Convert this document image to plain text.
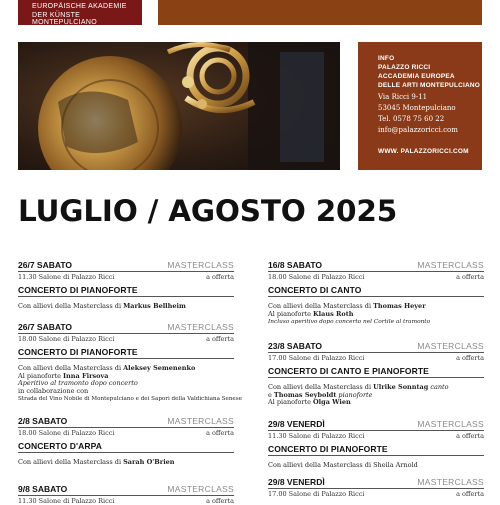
EUROPÄISCHE AKADEMIE
DER KÜNSTE MONTEPULCIANO
INFO
PALAZZO RICCI
ACCADEMIA EUROPEA
DELLE ARTI MONTEPULCIANO
Via Ricci 9-11
53045 Montepulciano
Tel. 0578 75 60 22
info@palazzoricci.com
WWW. PALAZZORICCI.COM
LUGLIO / AGOSTO 2025
26/7 SABATO	MASTERCLASS
11.30 Salone di Palazzo Ricci	a offerta
CONCERTO DI PIANOFORTE
Con allievi della Masterclass di Markus Bellheim
26/7 SABATO	MASTERCLASS
18.00 Salone di Palazzo Ricci	a offerta
CONCERTO DI PIANOFORTE
Con allievi della Masterclass di Aleksey Semenenko
Al pianoforte Inna Firsova
Aperitivo al tramonto dopo concerto
in collaborazione con
Strada del Vino Nobile di Montepulciano e dei Sapori della Valdichiana Senese
2/8 SABATO	MASTERCLASS
18.00 Salone di Palazzo Ricci	a offerta
CONCERTO D'ARPA
Con allievi della Masterclass di Sarah O'Brien
9/8 SABATO	MASTERCLASS
11.30 Salone di Palazzo Ricci	a offerta
16/8 SABATO	MASTERCLASS
18.00 Salone di Palazzo Ricci	a offerta
CONCERTO DI CANTO
Con allievi della Masterclass di Thomas Heyer
Al pianoforte Klaus Roth
Incluso aperitivo dopo concerto nel Cortile al tramonto
23/8 SABATO	MASTERCLASS
17.00 Salone di Palazzo Ricci	a offerta
CONCERTO DI CANTO E PIANOFORTE
Con allievi della Masterclass di Ulrike Sonntag canto
e Thomas Seyboldt pianoforte
Al pianoforte Olga Wien
29/8 VENERDÌ	MASTERCLASS
11.30 Salone di Palazzo Ricci	a offerta
CONCERTO DI PIANOFORTE
Con allievi della Masterclass di Sheila Arnold
29/8 VENERDÌ	MASTERCLASS
17.00 Salone di Palazzo Ricci	a offerta
